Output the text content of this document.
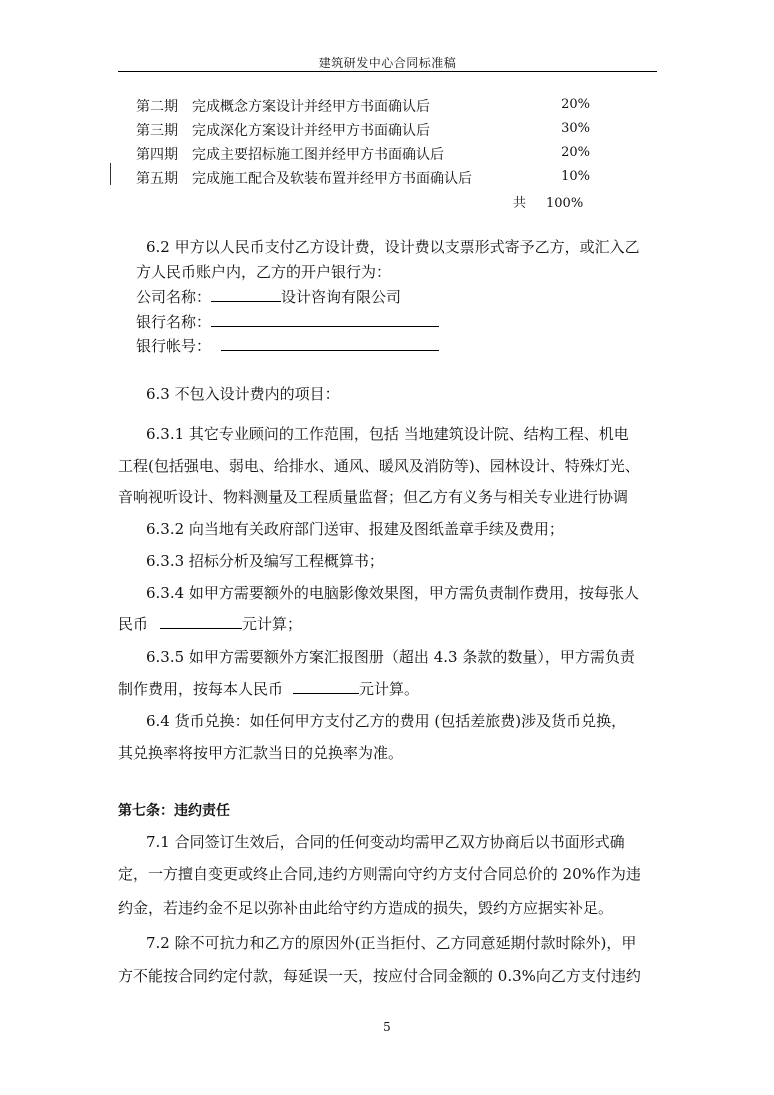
建筑研发中心合同标准稿
第二期　完成概念方案设计并经甲方书面确认后	20%
第三期　完成深化方案设计并经甲方书面确认后	30%
第四期　完成主要招标施工图并经甲方书面确认后	20%
第五期　完成施工配合及软装布置并经甲方书面确认后	10%
共 100%
6.2 甲方以人民币支付乙方设计费，设计费以支票形式寄予乙方，或汇入乙
方人民币账户内，乙方的开户银行为：
公司名称：	设计咨询有限公司
银行名称：
银行帐号：
6.3 不包入设计费内的项目：
6.3.1 其它专业顾问的工作范围，包括 当地建筑设计院、结构工程、机电
工程(包括强电、弱电、给排水、通风、暖风及消防等)、园林设计、特殊灯光、
音响视听设计、物料测量及工程质量监督；但乙方有义务与相关专业进行协调
6.3.2 向当地有关政府部门送审、报建及图纸盖章手续及费用；
6.3.3 招标分析及编写工程概算书；
6.3.4 如甲方需要额外的电脑影像效果图，甲方需负责制作费用，按每张人
民币	元计算；
6.3.5 如甲方需要额外方案汇报图册（超出 4.3 条款的数量），甲方需负责
制作费用，按每本人民币	元计算。
6.4 货币兑换：如任何甲方支付乙方的费用 (包括差旅费)涉及货币兑换，
其兑换率将按甲方汇款当日的兑换率为准。
第七条：违约责任
7.1 合同签订生效后，合同的任何变动均需甲乙双方协商后以书面形式确
定，一方擅自变更或终止合同,违约方则需向守约方支付合同总价的 20%作为违
约金，若违约金不足以弥补由此给守约方造成的损失，毁约方应据实补足。
7.2 除不可抗力和乙方的原因外(正当拒付、乙方同意延期付款时除外)，甲
方不能按合同约定付款，每延误一天，按应付合同金额的 0.3%向乙方支付违约
5
